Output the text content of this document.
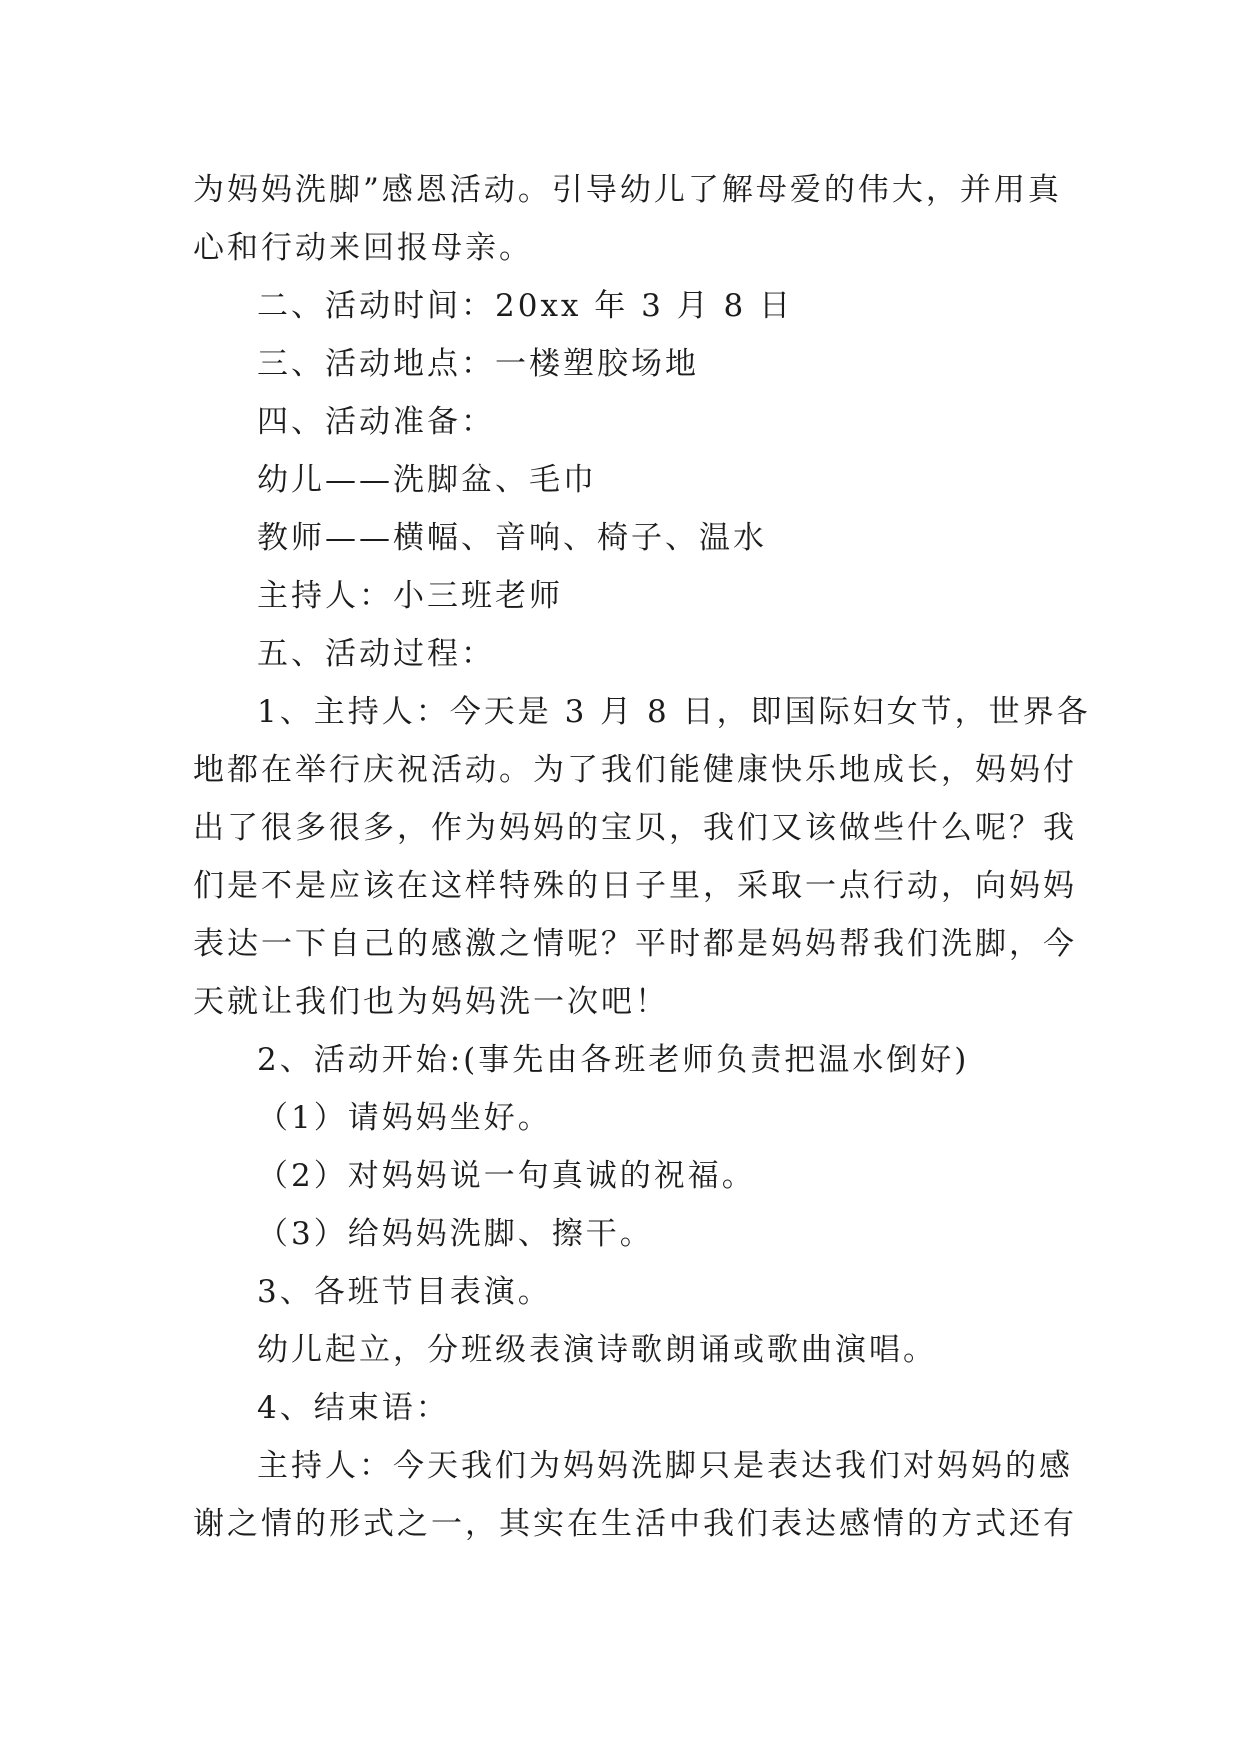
为妈妈洗脚”感恩活动。引导幼儿了解母爱的伟大，并用真
心和行动来回报母亲。
二、活动时间：20xx 年 3 月 8 日
三、活动地点：一楼塑胶场地
四、活动准备：
幼儿——洗脚盆、毛巾
教师——横幅、音响、椅子、温水
主持人：小三班老师
五、活动过程：
1、主持人：今天是 3 月 8 日，即国际妇女节，世界各
地都在举行庆祝活动。为了我们能健康快乐地成长，妈妈付
出了很多很多，作为妈妈的宝贝，我们又该做些什么呢？我
们是不是应该在这样特殊的日子里，采取一点行动，向妈妈
表达一下自己的感激之情呢？平时都是妈妈帮我们洗脚，今
天就让我们也为妈妈洗一次吧！
2、活动开始:(事先由各班老师负责把温水倒好)
（1）请妈妈坐好。
（2）对妈妈说一句真诚的祝福。
（3）给妈妈洗脚、擦干。
3、各班节目表演。
幼儿起立，分班级表演诗歌朗诵或歌曲演唱。
4、结束语：
主持人：今天我们为妈妈洗脚只是表达我们对妈妈的感
谢之情的形式之一，其实在生活中我们表达感情的方式还有
